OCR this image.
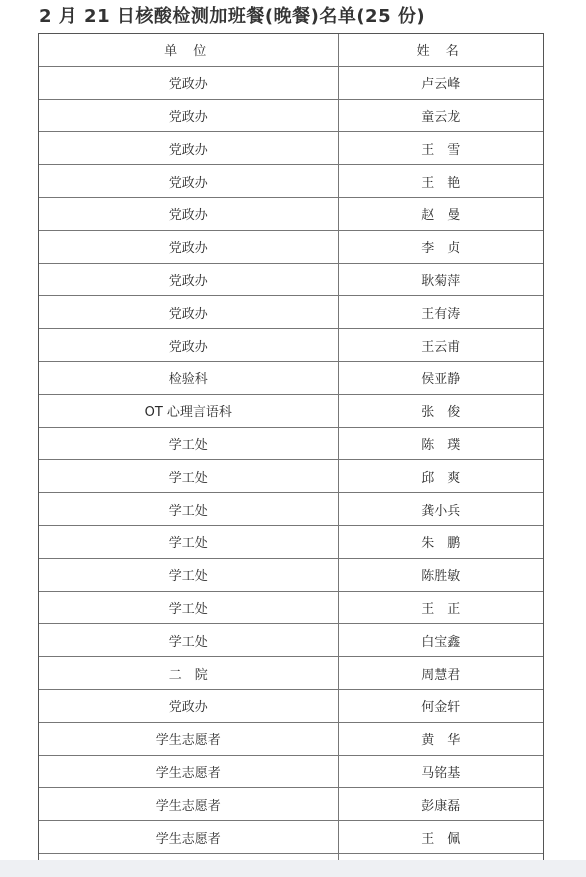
2 月 21 日核酸检测加班餐(晚餐)名单(25 份)
单 位	姓 名
党政办	卢云峰
党政办	童云龙
党政办	王　雪
党政办	王　艳
党政办	赵　曼
党政办	李　贞
党政办	耿菊萍
党政办	王有涛
党政办	王云甫
检验科	侯亚静
OT 心理言语科	张　俊
学工处	陈　璞
学工处	邱　爽
学工处	龚小兵
学工处	朱　鹏
学工处	陈胜敏
学工处	王　正
学工处	白宝鑫
二　院	周慧君
党政办	何金轩
学生志愿者	黄　华
学生志愿者	马铭基
学生志愿者	彭康磊
学生志愿者	王　佩
